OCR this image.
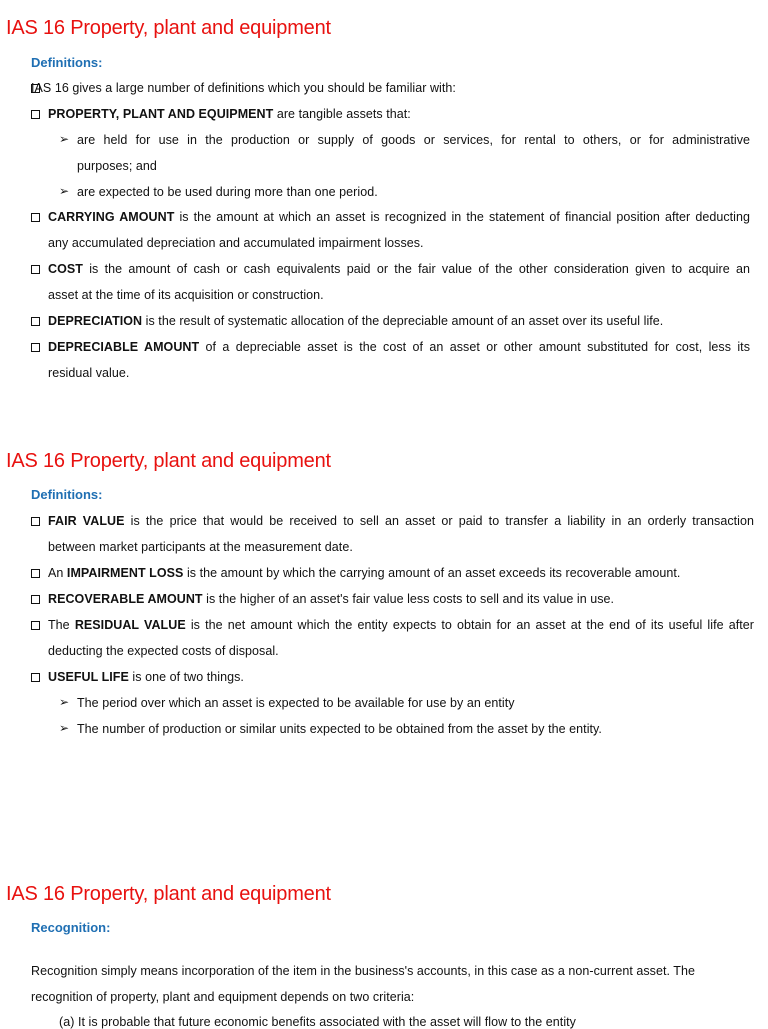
IAS 16 Property, plant and equipment
Definitions:
IAS 16 gives a large number of definitions which you should be familiar with:
PROPERTY, PLANT AND EQUIPMENT are tangible assets that:
➢ are held for use in the production or supply of goods or services, for rental to others, or for administrative
purposes; and
➢ are expected to be used during more than one period.
CARRYING AMOUNT is the amount at which an asset is recognized in the statement of financial position after deducting
any accumulated depreciation and accumulated impairment losses.
COST is the amount of cash or cash equivalents paid or the fair value of the other consideration given to acquire an
asset at the time of its acquisition or construction.
DEPRECIATION is the result of systematic allocation of the depreciable amount of an asset over its useful life.
DEPRECIABLE AMOUNT of a depreciable asset is the cost of an asset or other amount substituted for cost, less its
residual value.
IAS 16 Property, plant and equipment
Definitions:
FAIR VALUE is the price that would be received to sell an asset or paid to transfer a liability in an orderly transaction
between market participants at the measurement date.
An IMPAIRMENT LOSS is the amount by which the carrying amount of an asset exceeds its recoverable amount.
RECOVERABLE AMOUNT is the higher of an asset's fair value less costs to sell and its value in use.
The RESIDUAL VALUE is the net amount which the entity expects to obtain for an asset at the end of its useful life after
deducting the expected costs of disposal.
USEFUL LIFE is one of two things.
➢ The period over which an asset is expected to be available for use by an entity
➢ The number of production or similar units expected to be obtained from the asset by the entity.
IAS 16 Property, plant and equipment
Recognition:
Recognition simply means incorporation of the item in the business's accounts, in this case as a non-current asset. The
recognition of property, plant and equipment depends on two criteria:
(a) It is probable that future economic benefits associated with the asset will flow to the entity
